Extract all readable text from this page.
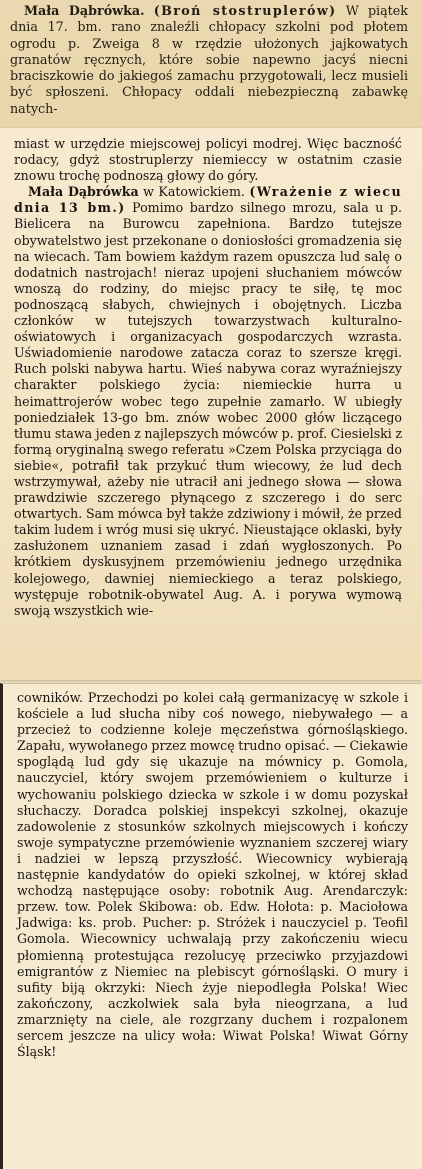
Mała Dąbrówka. (Broń stostruplerów) W piątek dnia 17. bm. rano znaleźli chłopacy szkolni pod płotem ogrodu p. Zweiga 8 w rzędzie ułożonych jajkowatych granatów ręcznych, które sobie napewno jacyś niecni braciszkowie do jakiegoś zamachu przygotowali, lecz musieli być spłoszeni. Chłopacy oddali niebezpieczną zabawkę natych-

miast w urzędzie miejscowej policyi modrej. Więc baczność rodacy, gdyż stostruplerzy niemieccy w ostatnim czasie znowu trochę podnoszą głowy do góry.

Mała Dąbrówka w Katowickiem. (Wrażenie z wiecu dnia 13 bm.) Pomimo bardzo silnego mrozu, sala u p. Bielicera na Burowcu zapełniona. Bardzo tutejsze obywatelstwo jest przekonane o doniosłości gromadzenia się na wiecach. Tam bowiem każdym razem opuszcza lud salę o dodatnich nastrojach! nieraz upojeni słuchaniem mówców wnoszą do rodziny, do miejsc pracy te siłę, tę moc podnoszącą słabych, chwiejnych i obojętnych. Liczba członków w tutejszych towarzystwach kulturalno-oświatowych i organizacyach gospodarczych wzrasta. Uświadomienie narodowe zatacza coraz to szersze kręgi. Ruch polski nabywa hartu. Wieś nabywa coraz wyraźniejszy charakter polskiego życia: niemieckie hurra u heimattrojerów wobec tego zupełnie zamarło. W ubiegły poniedziałek 13-go bm. znów wobec 2000 głów liczącego tłumu stawa jeden z najlepszych mówców p. prof. Ciesielski z formą oryginalną swego referatu »Czem Polska przyciąga do siebie«, potrafił tak przykuć tłum wiecowy, że lud dech wstrzymywał, ażeby nie utracił ani jednego słowa — słowa prawdziwie szczerego płynącego z szczerego i do serc otwartych. Sam mówca był także zdziwiony i mówił, że przed takim ludem i wróg musi się ukryć. Nieustające oklaski, były zasłużonem uznaniem zasad i zdań wygłoszonych. Po krótkiem dyskusyjnem przemówieniu jednego urzędnika kolejowego, dawniej niemieckiego a teraz polskiego, występuje robotnik-obywatel Aug. A. i porywa wymową swoją wszystkich wie-

cowników. Przechodzi po kolei całą germanizacyę w szkole i kościele a lud słucha niby coś nowego, niebywałego — a przecież to codzienne koleje męczeństwa górnośląskiego. Zapału, wywołanego przez mowcę trudno opisać. — Ciekawie spoglądą lud gdy się ukazuje na mównicy p. Gomola, nauczyciel, który swojem przemówieniem o kulturze i wychowaniu polskiego dziecka w szkole i w domu pozyskał słuchaczy. Doradca polskiej inspekcyi szkolnej, okazuje zadowolenie z stosunków szkolnych miejscowych i kończy swoje sympatyczne przemówienie wyznaniem szczerej wiary i nadziei w lepszą przyszłość. Wiecownicy wybierają następnie kandydatów do opieki szkolnej, w której skład wchodzą następujące osoby: robotnik Aug. Arendarczyk: przew. tow. Polek Skibowa: ob. Edw. Hołota: p. Maciołowa Jadwiga: ks. prob. Pucher: p. Stróżek i nauczyciel p. Teofil Gomola. Wiecownicy uchwalają przy zakończeniu wiecu płomienną protestująca rezolucyę przeciwko przyjazdowi emigrantów z Niemiec na plebiscyt górnośląski. O mury i sufity biją okrzyki: Niech żyje niepodległa Polska! Wiec zakończony, aczkolwiek sala była nieogrzana, a lud zmarznięty na ciele, ale rozgrzany duchem i rozpalonem sercem jeszcze na ulicy woła: Wiwat Polska! Wiwat Górny Śląsk!
